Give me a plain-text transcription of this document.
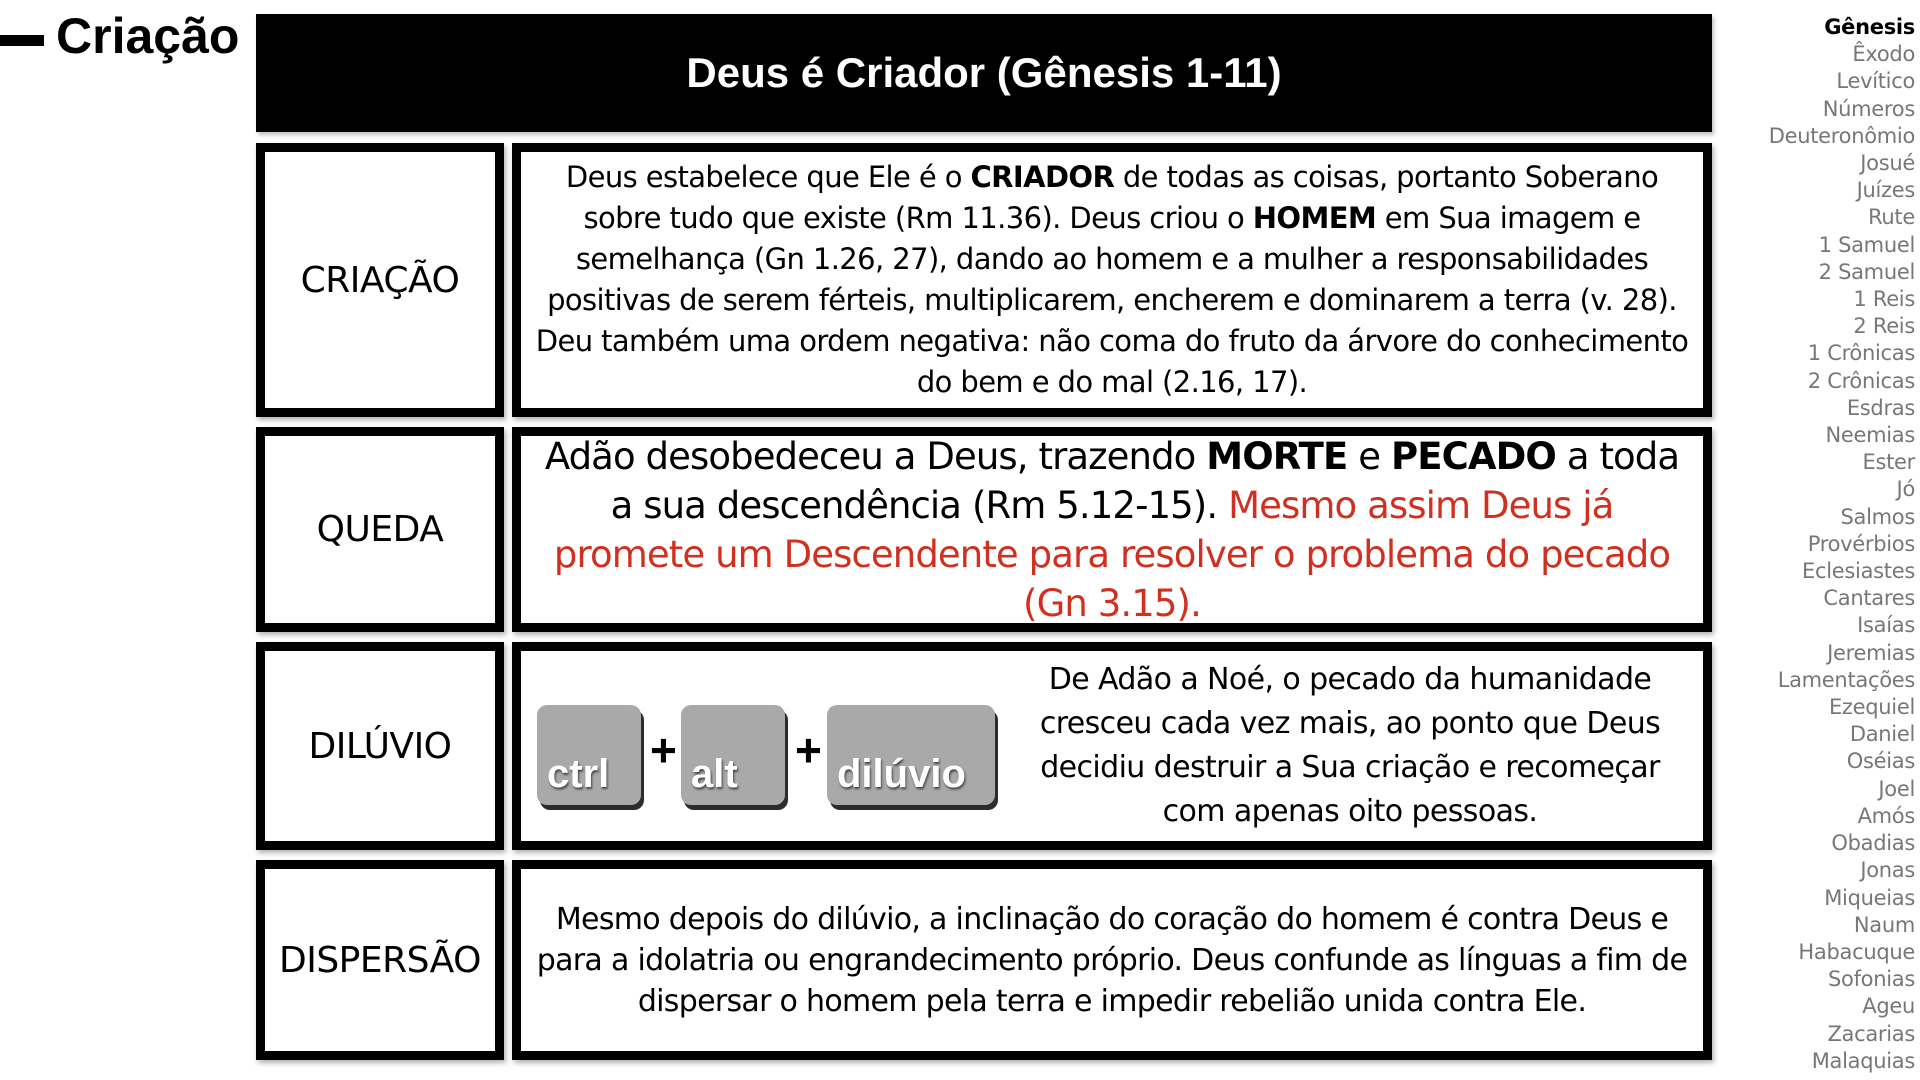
Criação
Deus é Criador (Gênesis 1-11)
CRIAÇÃO
Deus estabelece que Ele é o CRIADOR de todas as coisas, portanto Soberano sobre tudo que existe (Rm 11.36). Deus criou o HOMEM em Sua imagem e semelhança (Gn 1.26, 27), dando ao homem e a mulher a responsabilidades positivas de serem férteis, multiplicarem, encherem e dominarem a terra (v. 28). Deu também uma ordem negativa: não coma do fruto da árvore do conhecimento do bem e do mal (2.16, 17).
QUEDA
Adão desobedeceu a Deus, trazendo MORTE e PECADO a toda a sua descendência (Rm 5.12-15). Mesmo assim Deus já promete um Descendente para resolver o problema do pecado (Gn 3.15).
DILÚVIO
ctrl + alt + dilúvio
De Adão a Noé, o pecado da humanidade cresceu cada vez mais, ao ponto que Deus decidiu destruir a Sua criação e recomeçar com apenas oito pessoas.
DISPERSÃO
Mesmo depois do dilúvio, a inclinação do coração do homem é contra Deus e para a idolatria ou engrandecimento próprio. Deus confunde as línguas a fim de dispersar o homem pela terra e impedir rebelião unida contra Ele.
Gênesis
Êxodo
Levítico
Números
Deuteronômio
Josué
Juízes
Rute
1 Samuel
2 Samuel
1 Reis
2 Reis
1 Crônicas
2 Crônicas
Esdras
Neemias
Ester
Jó
Salmos
Provérbios
Eclesiastes
Cantares
Isaías
Jeremias
Lamentações
Ezequiel
Daniel
Oséias
Joel
Amós
Obadias
Jonas
Miqueias
Naum
Habacuque
Sofonias
Ageu
Zacarias
Malaquias
